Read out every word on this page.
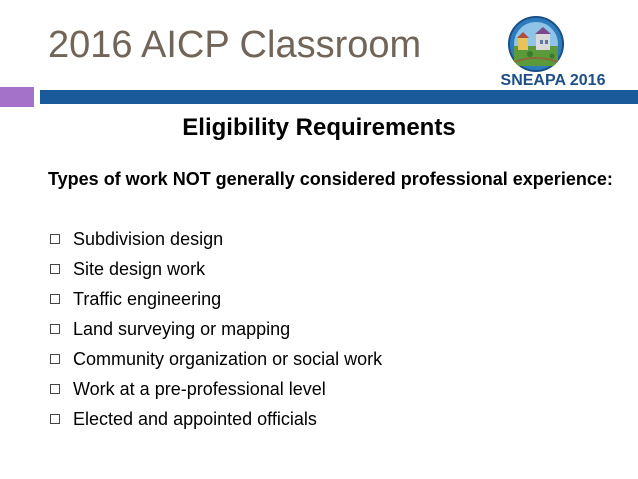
2016 AICP Classroom
SNEAPA 2016
Eligibility Requirements
Types of work NOT generally considered professional experience:
Subdivision design
Site design work
Traffic engineering
Land surveying or mapping
Community organization or social work
Work at a pre-professional level
Elected and appointed officials
